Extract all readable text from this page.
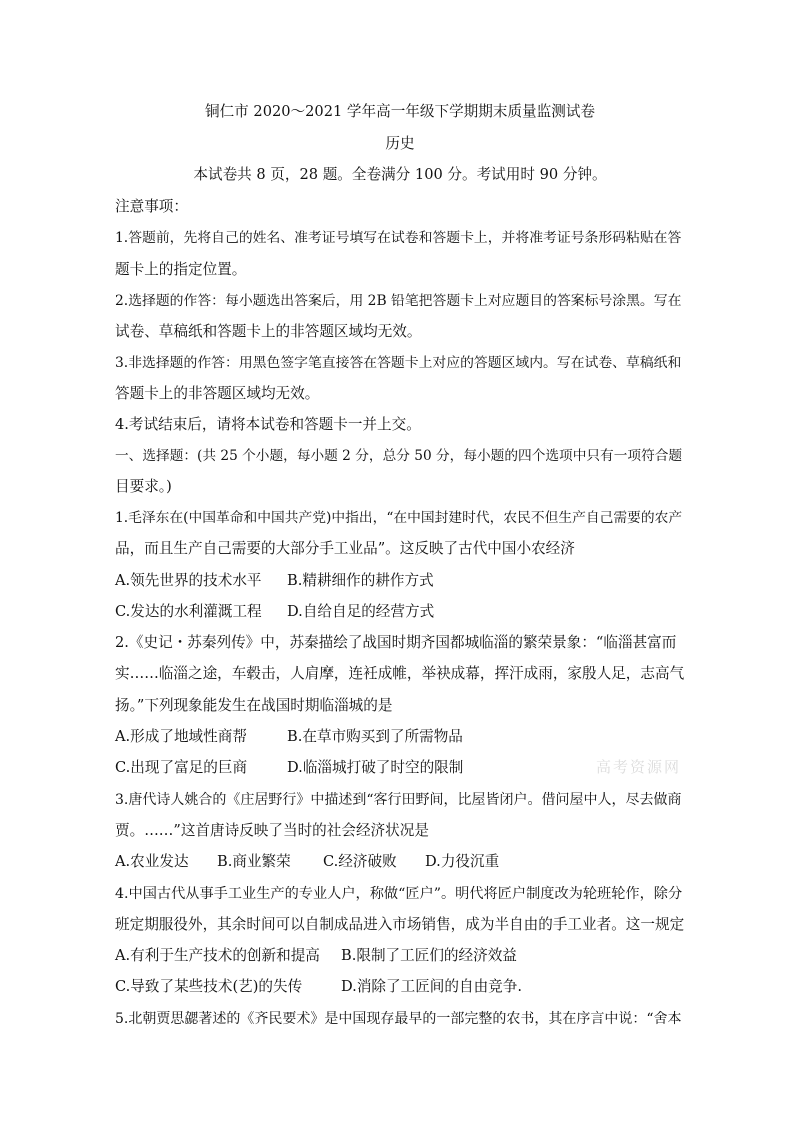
铜仁市 2020～2021 学年高一年级下学期期末质量监测试卷
历史
本试卷共 8 页，28 题。全卷满分 100 分。考试用时 90 分钟。
注意事项：
1.答题前，先将自己的姓名、准考证号填写在试卷和答题卡上，并将准考证号条形码粘贴在答
题卡上的指定位置。
2.选择题的作答：每小题选出答案后，用 2B 铅笔把答题卡上对应题目的答案标号涂黑。写在
试卷、草稿纸和答题卡上的非答题区域均无效。
3.非选择题的作答：用黑色签字笔直接答在答题卡上对应的答题区域内。写在试卷、草稿纸和
答题卡上的非答题区域均无效。
4.考试结束后，请将本试卷和答题卡一并上交。
一、选择题：(共 25 个小题，每小题 2 分，总分 50 分，每小题的四个选项中只有一项符合题
目要求。)
1.毛泽东在(中国革命和中国共产党)中指出，“在中国封建时代，农民不但生产自己需要的农产
品，而且生产自己需要的大部分手工业品”。这反映了古代中国小农经济
A.领先世界的技术水平 B.精耕细作的耕作方式
C.发达的水利灌溉工程 D.自给自足的经营方式
2.《史记・苏秦列传》中，苏秦描绘了战国时期齐国都城临淄的繁荣景象：“临淄甚富而
实……临淄之途，车毂击，人肩摩，连衽成帷，举袂成幕，挥汗成雨，家殷人足，志高气
扬。”下列现象能发生在战国时期临淄城的是
A.形成了地域性商帮	B.在草市购买到了所需物品
C.出现了富足的巨商	D.临淄城打破了时空的限制
3.唐代诗人姚合的《庄居野行》中描述到“客行田野间，比屋皆闭户。借问屋中人，尽去做商
贾。……”这首唐诗反映了当时的社会经济状况是
A.农业发达 B.商业繁荣 C.经济破败 D.力役沉重
4.中国古代从事手工业生产的专业人户，称做“匠户”。明代将匠户制度改为轮班轮作，除分
班定期服役外，其余时间可以自制成品进入市场销售，成为半自由的手工业者。这一规定
A.有利于生产技术的创新和提高 B.限制了工匠们的经济效益
C.导致了某些技术(艺)的失传	D.消除了工匠间的自由竞争.
5.北朝贾思勰著述的《齐民要术》是中国现存最早的一部完整的农书，其在序言中说：“舍本
高考资源网
